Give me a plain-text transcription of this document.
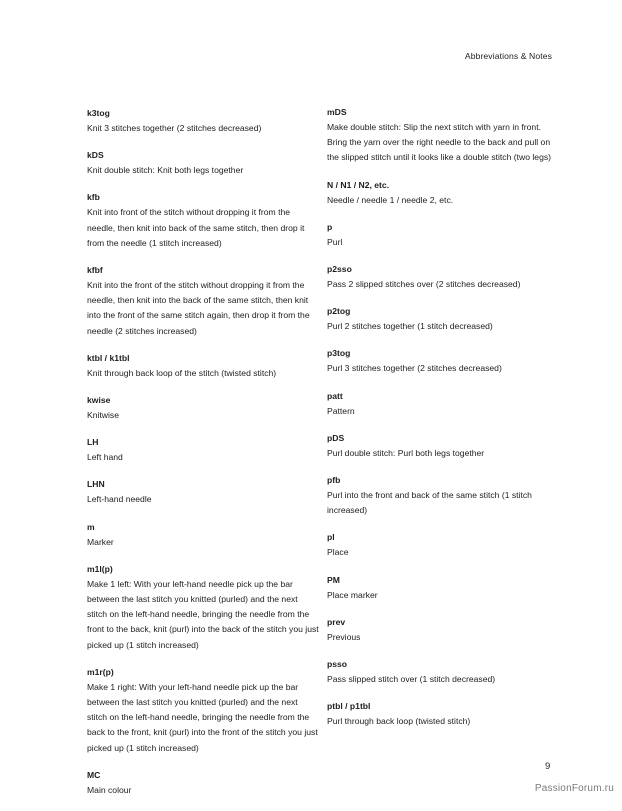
Abbreviations & Notes
k3tog
Knit 3 stitches together (2 stitches decreased)
kDS
Knit double stitch: Knit both legs together
kfb
Knit into front of the stitch without dropping it from the needle, then knit into back of the same stitch, then drop it from the needle (1 stitch increased)
kfbf
Knit into the front of the stitch without dropping it from the needle, then knit into the back of the same stitch, then knit into the front of the same stitch again, then drop it from the needle (2 stitches increased)
ktbl / k1tbl
Knit through back loop of the stitch (twisted stitch)
kwise
Knitwise
LH
Left hand
LHN
Left-hand needle
m
Marker
m1l(p)
Make 1 left: With your left-hand needle pick up the bar between the last stitch you knitted (purled) and the next stitch on the left-hand needle, bringing the needle from the front to the back, knit (purl) into the back of the stitch you just picked up (1 stitch increased)
m1r(p)
Make 1 right: With your left-hand needle pick up the bar between the last stitch you knitted (purled) and the next stitch on the left-hand needle, bringing the needle from the back to the front, knit (purl) into the front of the stitch you just picked up (1 stitch increased)
MC
Main colour
mDS
Make double stitch: Slip the next stitch with yarn in front. Bring the yarn over the right needle to the back and pull on the slipped stitch until it looks like a double stitch (two legs)
N / N1 / N2, etc.
Needle / needle 1 / needle 2, etc.
p
Purl
p2sso
Pass 2 slipped stitches over (2 stitches decreased)
p2tog
Purl 2 stitches together (1 stitch decreased)
p3tog
Purl 3 stitches together (2 stitches decreased)
patt
Pattern
pDS
Purl double stitch: Purl both legs together
pfb
Purl into the front and back of the same stitch (1 stitch increased)
pl
Place
PM
Place marker
prev
Previous
psso
Pass slipped stitch over (1 stitch decreased)
ptbl / p1tbl
Purl through back loop (twisted stitch)
9
PassionForum.ru
